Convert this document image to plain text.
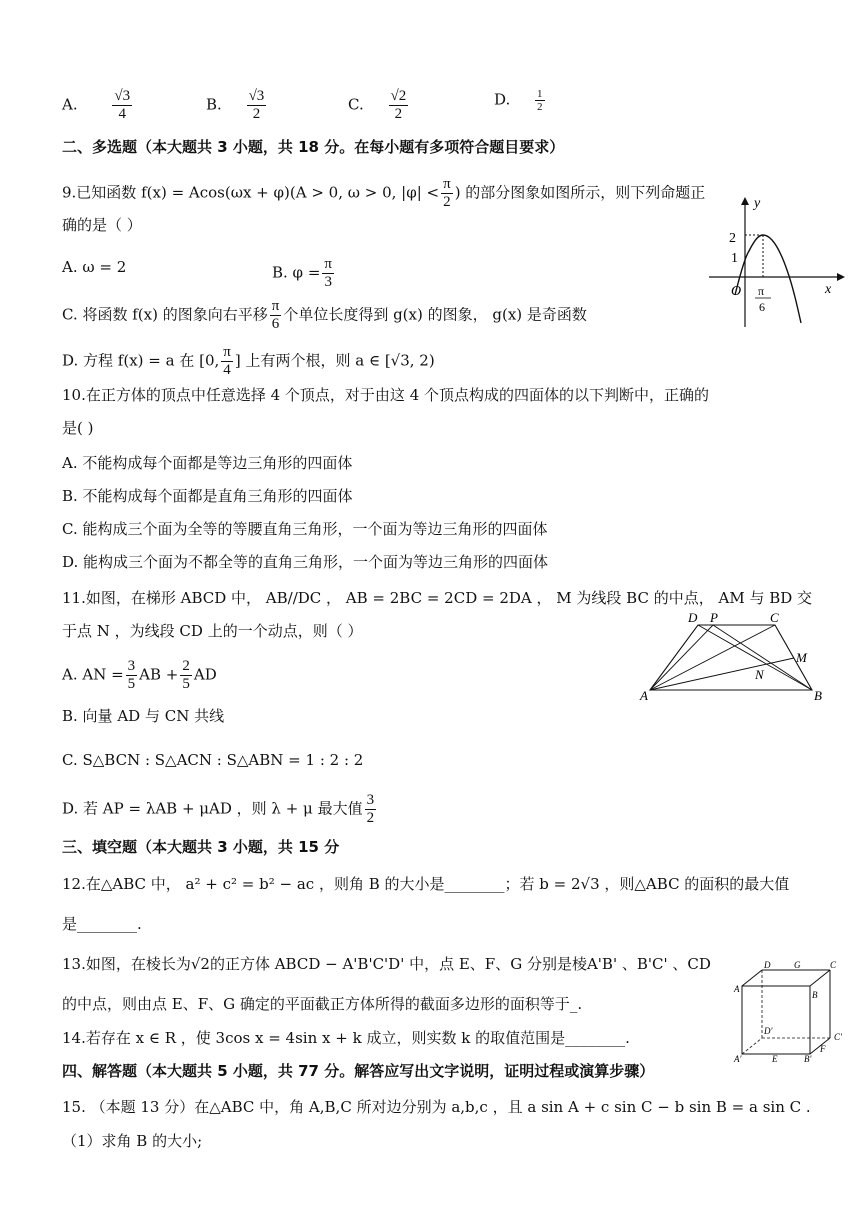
A. $\frac{√3}{4}$	B. $\frac{√3}{2}$	C. $\frac{√2}{2}$	D. $\frac{1}{2}$
二、多选题（本大题共 3 小题，共 18 分。在每小题有多项符合题目要求）
9.已知函数 f(x) = Acos(ωx + φ)(A > 0, ω > 0, $|\varphi| < \frac{\pi}{2}$ ) 的部分图象如图所示，则下列命题正
确的是（ ）
A. ω = 2	B. $\varphi = \frac{\pi}{3}$
C. 将函数 f(x) 的图象向右平移 $\frac{\pi}{6}$ 个单位长度得到 g(x) 的图象， g(x) 是奇函数
D. 方程 f(x) = a 在 [0, $\frac{\pi}{4}$ ] 上有两个根，则 a ∈ [√3, 2)
y
x
O
2
1
π
6
10.在正方体的顶点中任意选择 4 个顶点，对于由这 4 个顶点构成的四面体的以下判断中，正确的
是( )
A. 不能构成每个面都是等边三角形的四面体
B. 不能构成每个面都是直角三角形的四面体
C. 能构成三个面为全等的等腰直角三角形，一个面为等边三角形的四面体
D. 能构成三个面为不都全等的直角三角形，一个面为等边三角形的四面体
11.如图，在梯形 ABCD 中， AB//DC ， AB = 2BC = 2CD = 2DA ， M 为线段 BC 的中点， AM 与 BD 交
于点 N ，为线段 CD 上的一个动点，则（ ）
A. AN = $\frac{3}{5}$ AB + $\frac{2}{5}$ AD
B. 向量 AD 与 CN 共线
C. S△BCN : S△ACN : S△ABN = 1 : 2 : 2
D. 若 AP = λAB + μAD ，则 λ + μ 最大值 $\frac{3}{2}$
A	B
C
D P
M
N
三、填空题（本大题共 3 小题，共 15 分
12.在△ABC 中， a² + c² = b² − ac ，则角 B 的大小是________；若 b = 2√3 ，则△ABC 的面积的最大值
是________.
13.如图，在棱长为√2的正方体 ABCD − A'B'C'D' 中，点 E、F、G 分别是棱A'B' 、B'C' 、CD
的中点，则由点 E、F、G 确定的平面截正方体所得的截面多边形的面积等于_.
D	G	C
A
B
D'
C'
A'	E	B'
F
14.若存在 x ∈ R ，使 3cos x = 4sin x + k 成立，则实数 k 的取值范围是________.
四、解答题（本大题共 5 小题，共 77 分。解答应写出文字说明，证明过程或演算步骤）
15. （本题 13 分）在△ABC 中，角 A,B,C 所对边分别为 a,b,c ，且 a sin A + c sin C − b sin B = a sin C .
（1）求角 B 的大小;
